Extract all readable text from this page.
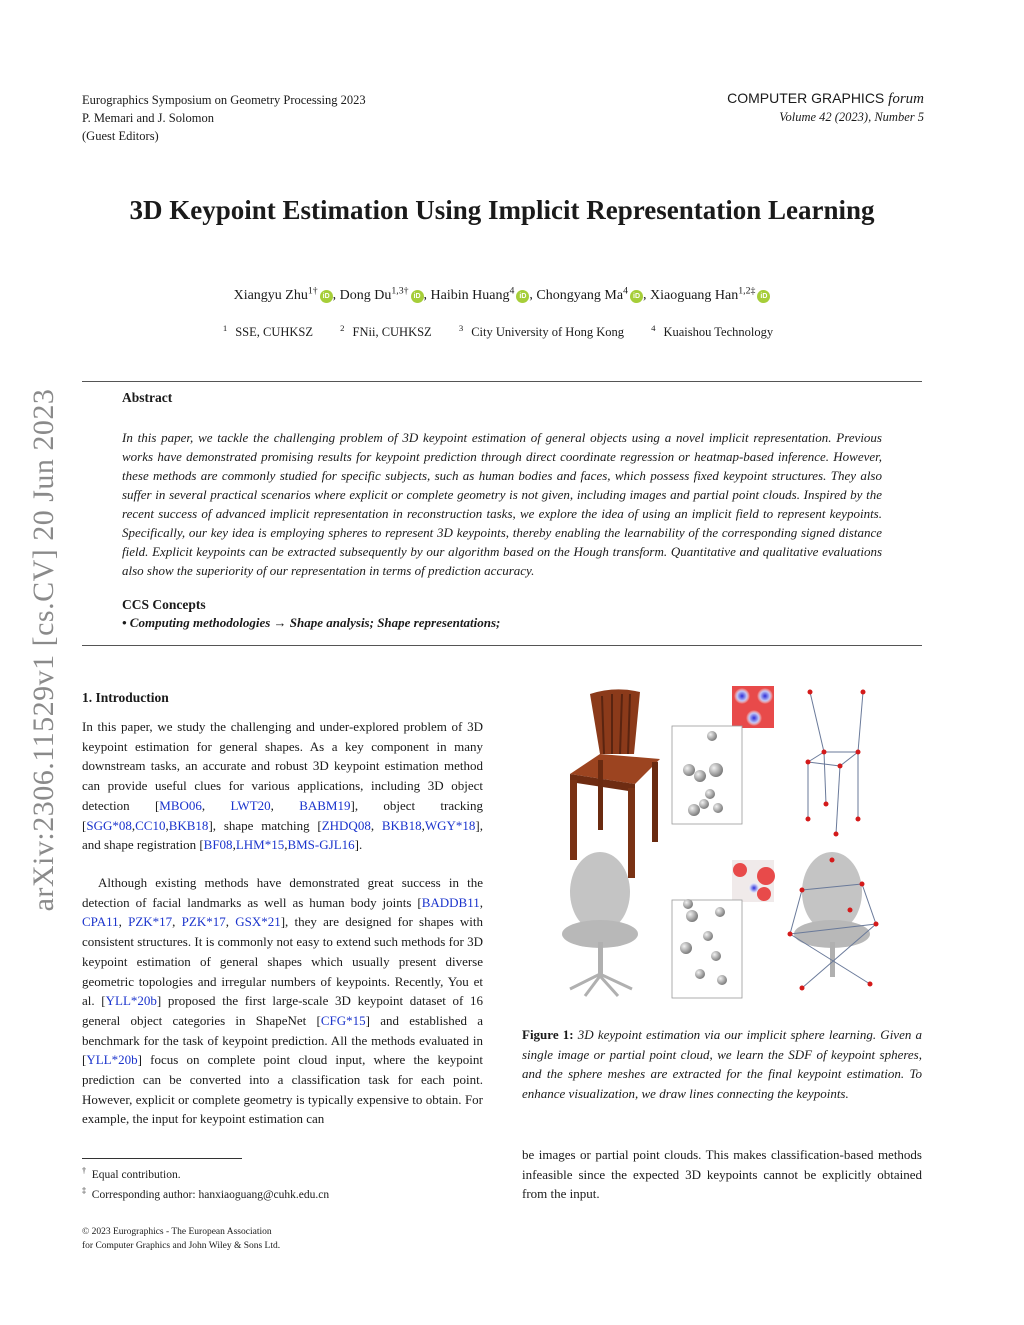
arXiv:2306.11529v1 [cs.CV] 20 Jun 2023
Eurographics Symposium on Geometry Processing 2023
P. Memari and J. Solomon
(Guest Editors)
COMPUTER GRAPHICS forum
Volume 42 (2023), Number 5
3D Keypoint Estimation Using Implicit Representation Learning
Xiangyu Zhu$^{1\dagger}$iD , Dong $Du^{1,3\dagger}iD$ , Haibin Huang$^4$iD , Chongyang Ma$^4$iD , Xiaoguang Han$^{1,2\ddagger}$iD
$^1$ SSE, CUHKSZ	$^2$ FNii, CUHKSZ	$^3$ City University of Hong Kong	$^4$ Kuaishou Technology
Abstract
In this paper, we tackle the challenging problem of 3D keypoint estimation of general objects using a novel implicit representation. Previous works have demonstrated promising results for keypoint prediction through direct coordinate regression or heatmap-based inference. However, these methods are commonly studied for specific subjects, such as human bodies and faces, which possess fixed keypoint structures. They also suffer in several practical scenarios where explicit or complete geometry is not given, including images and partial point clouds. Inspired by the recent success of advanced implicit representation in reconstruction tasks, we explore the idea of using an implicit field to represent keypoints. Specifically, our key idea is employing spheres to represent 3D keypoints, thereby enabling the learnability of the corresponding signed distance field. Explicit keypoints can be extracted subsequently by our algorithm based on the Hough transform. Quantitative and qualitative evaluations also show the superiority of our representation in terms of prediction accuracy.
CCS Concepts
• Computing methodologies → Shape analysis; Shape representations;
1. Introduction
In this paper, we study the challenging and under-explored problem of 3D keypoint estimation for general shapes. As a key component in many downstream tasks, an accurate and robust 3D keypoint estimation method can provide useful clues for various applications, including 3D object detection [MBO06, LWT20, BABM19], object tracking [SGG*08,CC10,BKB18], shape matching [ZHDQ08, BKB18,WGY*18], and shape registration [BF08,LHM*15,BMS-GJL16].
Although existing methods have demonstrated great success in the detection of facial landmarks as well as human body joints [BADDB11, CPA11, PZK*17, PZK*17, GSX*21], they are designed for shapes with consistent structures. It is commonly not easy to extend such methods for 3D keypoint estimation of general shapes which usually present diverse geometric topologies and irregular numbers of keypoints. Recently, You et al. [YLL*20b] proposed the first large-scale 3D keypoint dataset of 16 general object categories in ShapeNet [CFG*15] and established a benchmark for the task of keypoint prediction. All the methods evaluated in [YLL*20b] focus on complete point cloud input, where the keypoint prediction can be converted into a classification task for each point. However, explicit or complete geometry is typically expensive to obtain. For example, the input for keypoint estimation can
† Equal contribution.
‡ Corresponding author: hanxiaoguang@cuhk.edu.cn
© 2023 Eurographics - The European Association
for Computer Graphics and John Wiley & Sons Ltd.
Figure 1: 3D keypoint estimation via our implicit sphere learning. Given a single image or partial point cloud, we learn the SDF of keypoint spheres, and the sphere meshes are extracted for the final keypoint estimation. To enhance visualization, we draw lines connecting the keypoints.
be images or partial point clouds. This makes classification-based methods infeasible since the expected 3D keypoints cannot be explicitly obtained from the input.
